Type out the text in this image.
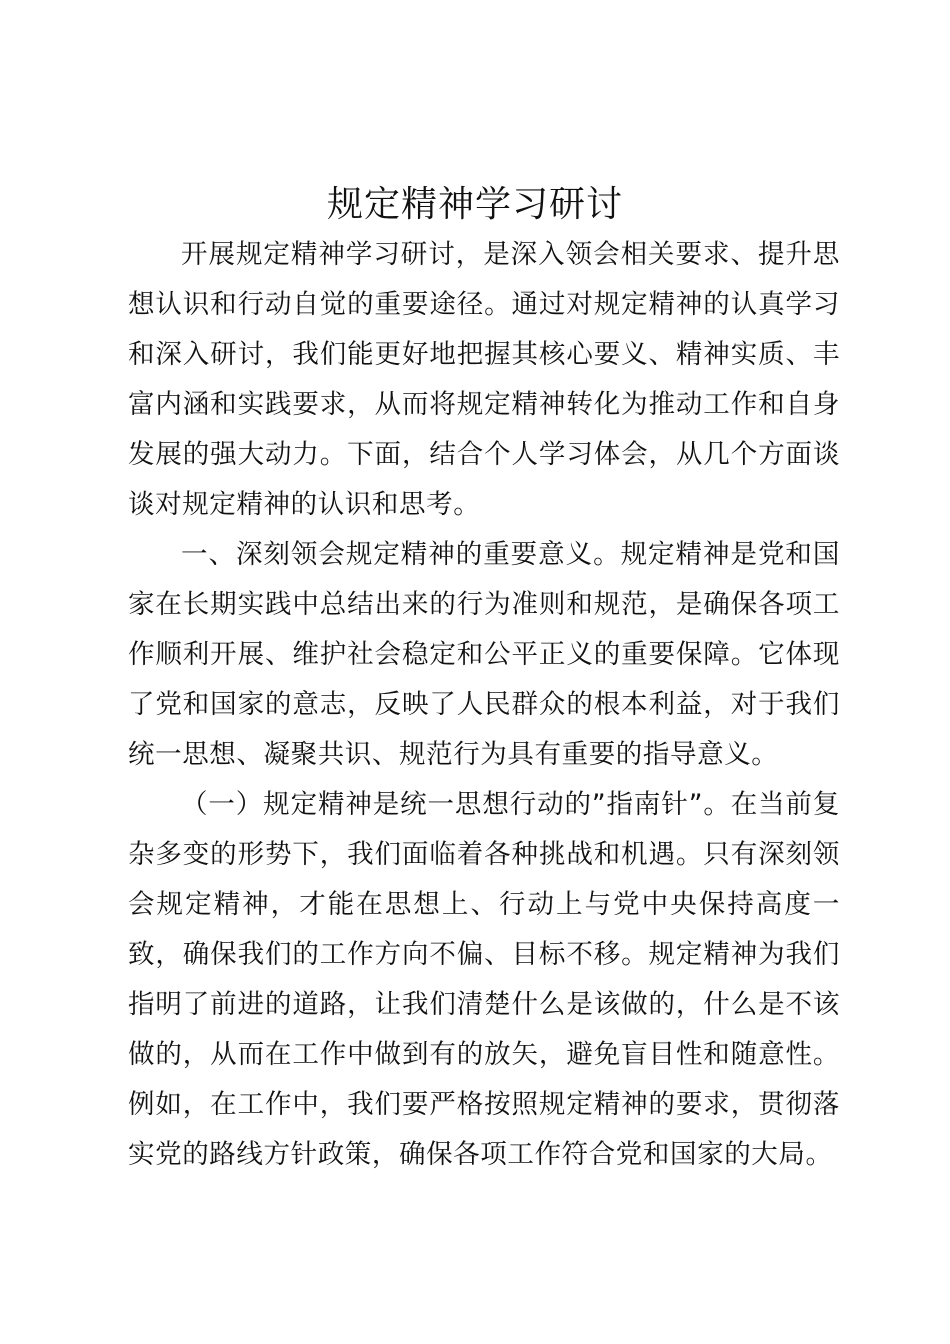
规定精神学习研讨

开展规定精神学习研讨，是深入领会相关要求、提升思想认识和行动自觉的重要途径。通过对规定精神的认真学习和深入研讨，我们能更好地把握其核心要义、精神实质、丰富内涵和实践要求，从而将规定精神转化为推动工作和自身发展的强大动力。下面，结合个人学习体会，从几个方面谈谈对规定精神的认识和思考。

一、深刻领会规定精神的重要意义。规定精神是党和国家在长期实践中总结出来的行为准则和规范，是确保各项工作顺利开展、维护社会稳定和公平正义的重要保障。它体现了党和国家的意志，反映了人民群众的根本利益，对于我们统一思想、凝聚共识、规范行为具有重要的指导意义。

（一）规定精神是统一思想行动的”指南针”。在当前复杂多变的形势下，我们面临着各种挑战和机遇。只有深刻领会规定精神，才能在思想上、行动上与党中央保持高度一致，确保我们的工作方向不偏、目标不移。规定精神为我们指明了前进的道路，让我们清楚什么是该做的，什么是不该做的，从而在工作中做到有的放矢，避免盲目性和随意性。例如，在工作中，我们要严格按照规定精神的要求，贯彻落实党的路线方针政策，确保各项工作符合党和国家的大局。
